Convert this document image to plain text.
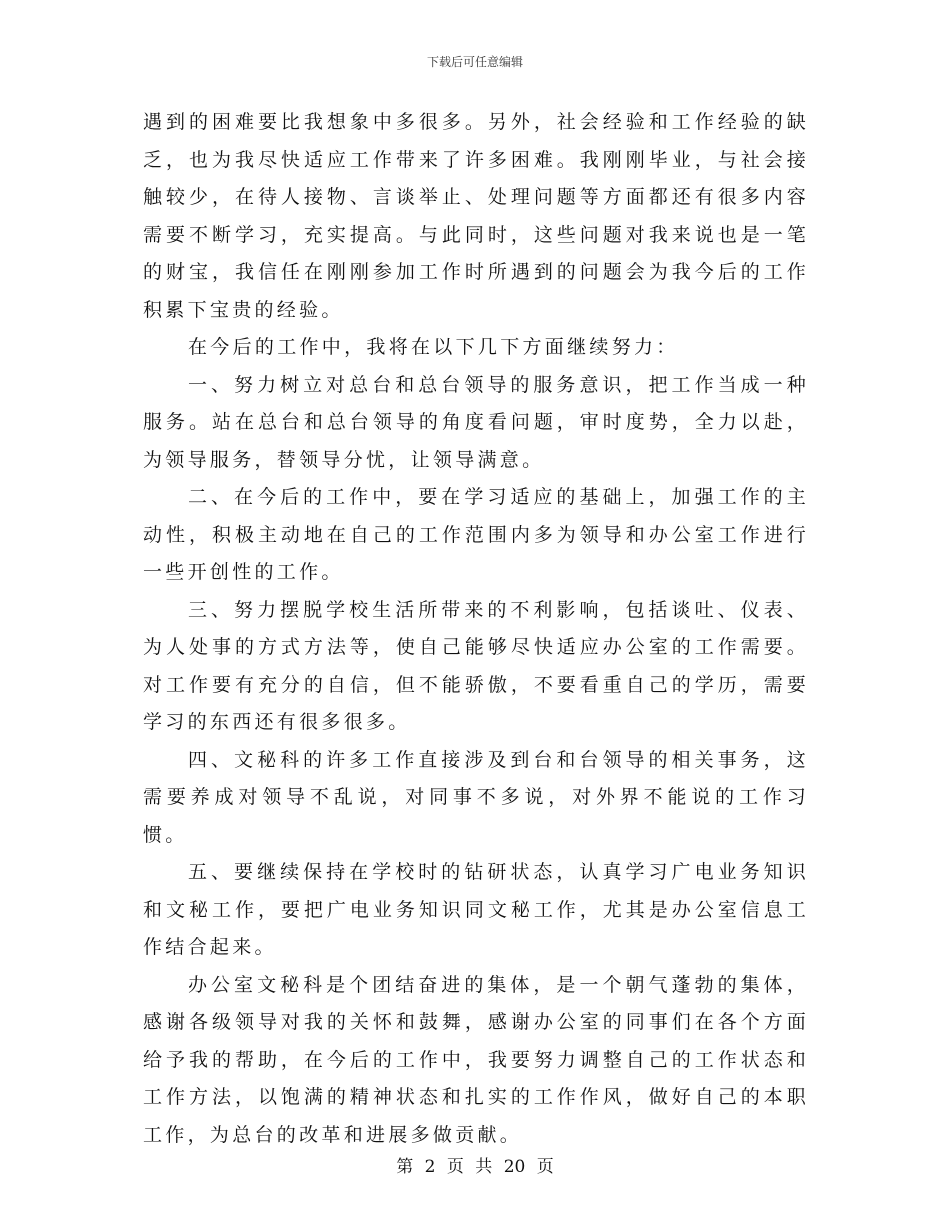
下载后可任意编辑

遇到的困难要比我想象中多很多。另外，社会经验和工作经验的缺乏，也为我尽快适应工作带来了许多困难。我刚刚毕业，与社会接触较少，在待人接物、言谈举止、处理问题等方面都还有很多内容需要不断学习，充实提高。与此同时，这些问题对我来说也是一笔的财宝，我信任在刚刚参加工作时所遇到的问题会为我今后的工作积累下宝贵的经验。

在今后的工作中，我将在以下几下方面继续努力：

一、努力树立对总台和总台领导的服务意识，把工作当成一种服务。站在总台和总台领导的角度看问题，审时度势，全力以赴，为领导服务，替领导分忧，让领导满意。

二、在今后的工作中，要在学习适应的基础上，加强工作的主动性，积极主动地在自己的工作范围内多为领导和办公室工作进行一些开创性的工作。

三、努力摆脱学校生活所带来的不利影响，包括谈吐、仪表、为人处事的方式方法等，使自己能够尽快适应办公室的工作需要。对工作要有充分的自信，但不能骄傲，不要看重自己的学历，需要学习的东西还有很多很多。

四、文秘科的许多工作直接涉及到台和台领导的相关事务，这需要养成对领导不乱说，对同事不多说，对外界不能说的工作习惯。

五、要继续保持在学校时的钻研状态，认真学习广电业务知识和文秘工作，要把广电业务知识同文秘工作，尤其是办公室信息工作结合起来。

办公室文秘科是个团结奋进的集体，是一个朝气蓬勃的集体，感谢各级领导对我的关怀和鼓舞，感谢办公室的同事们在各个方面给予我的帮助，在今后的工作中，我要努力调整自己的工作状态和工作方法，以饱满的精神状态和扎实的工作作风，做好自己的本职工作，为总台的改革和进展多做贡献。

第 2 页 共 20 页
